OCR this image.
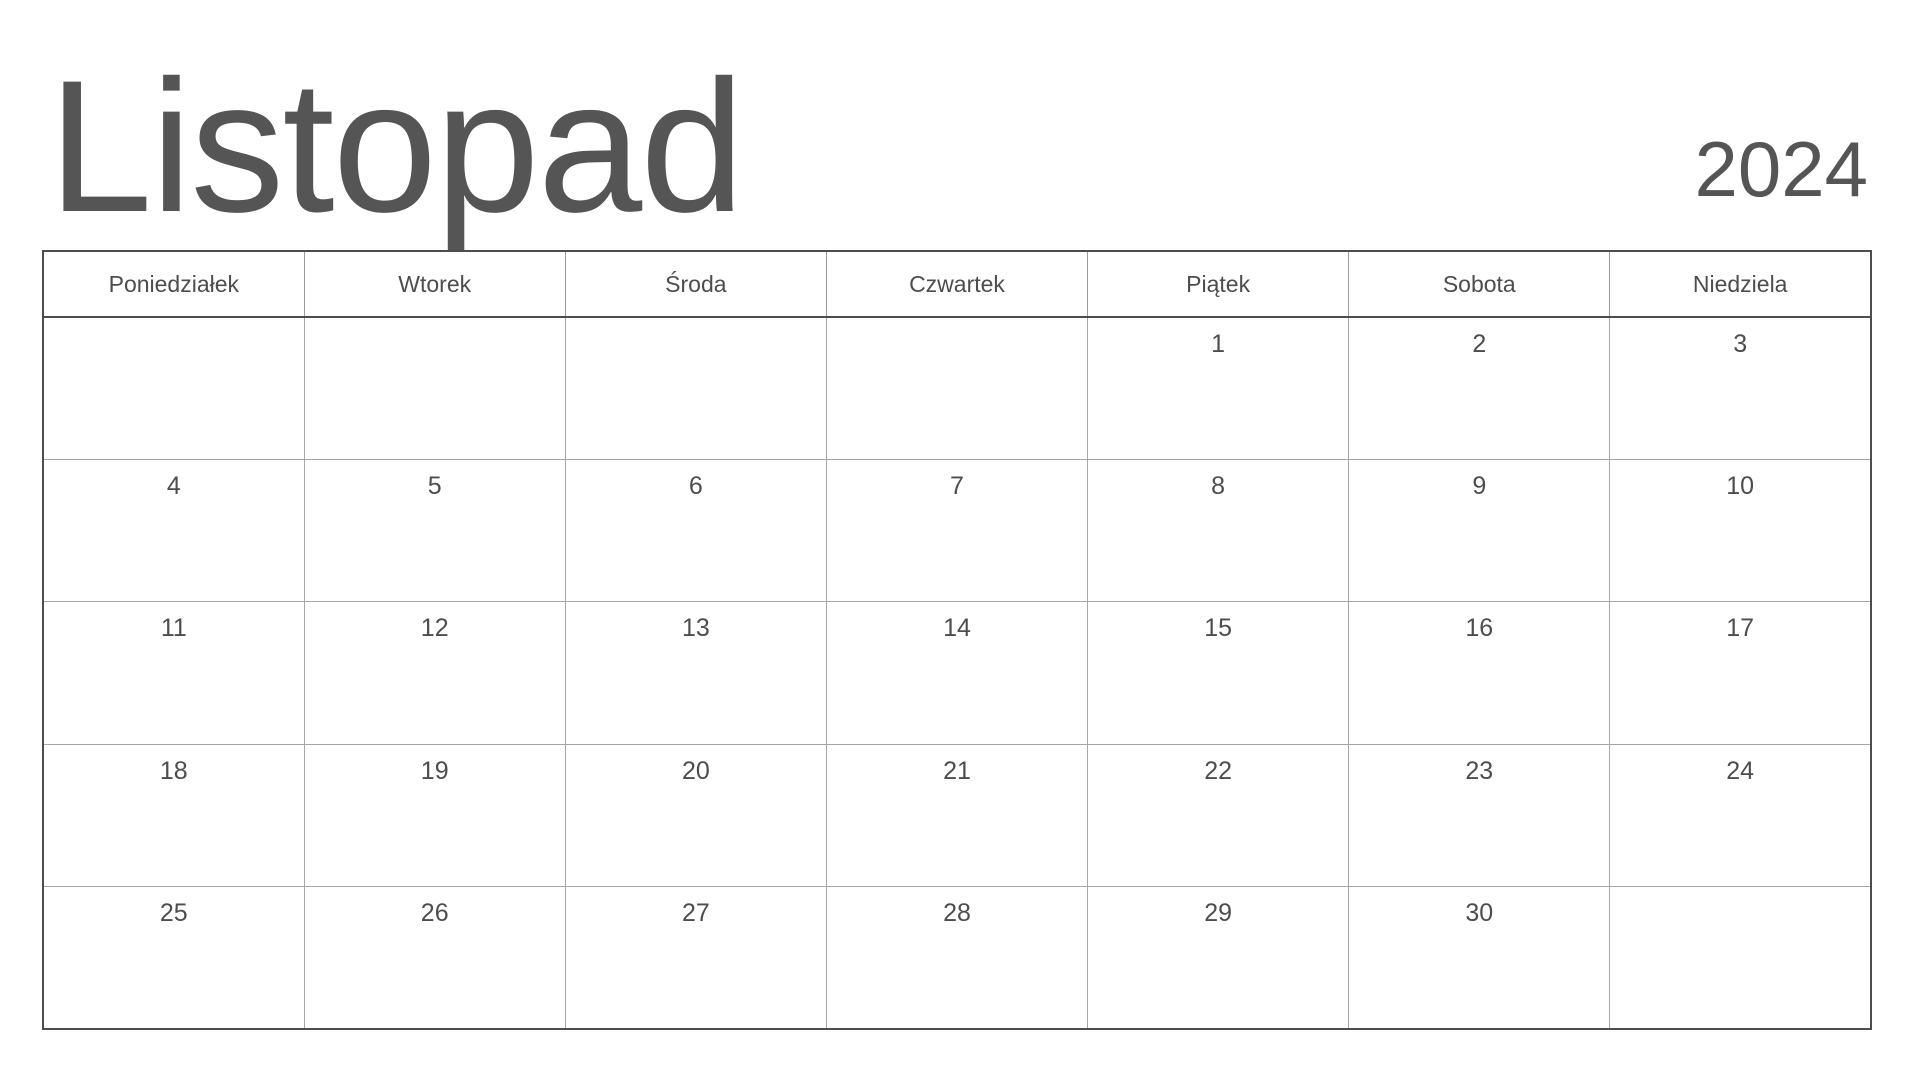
Listopad	2024
Poniedziałek	Wtorek	Środa	Czwartek	Piątek	Sobota	Niedziela
				1	2	3
4	5	6	7	8	9	10
11	12	13	14	15	16	17
18	19	20	21	22	23	24
25	26	27	28	29	30	
